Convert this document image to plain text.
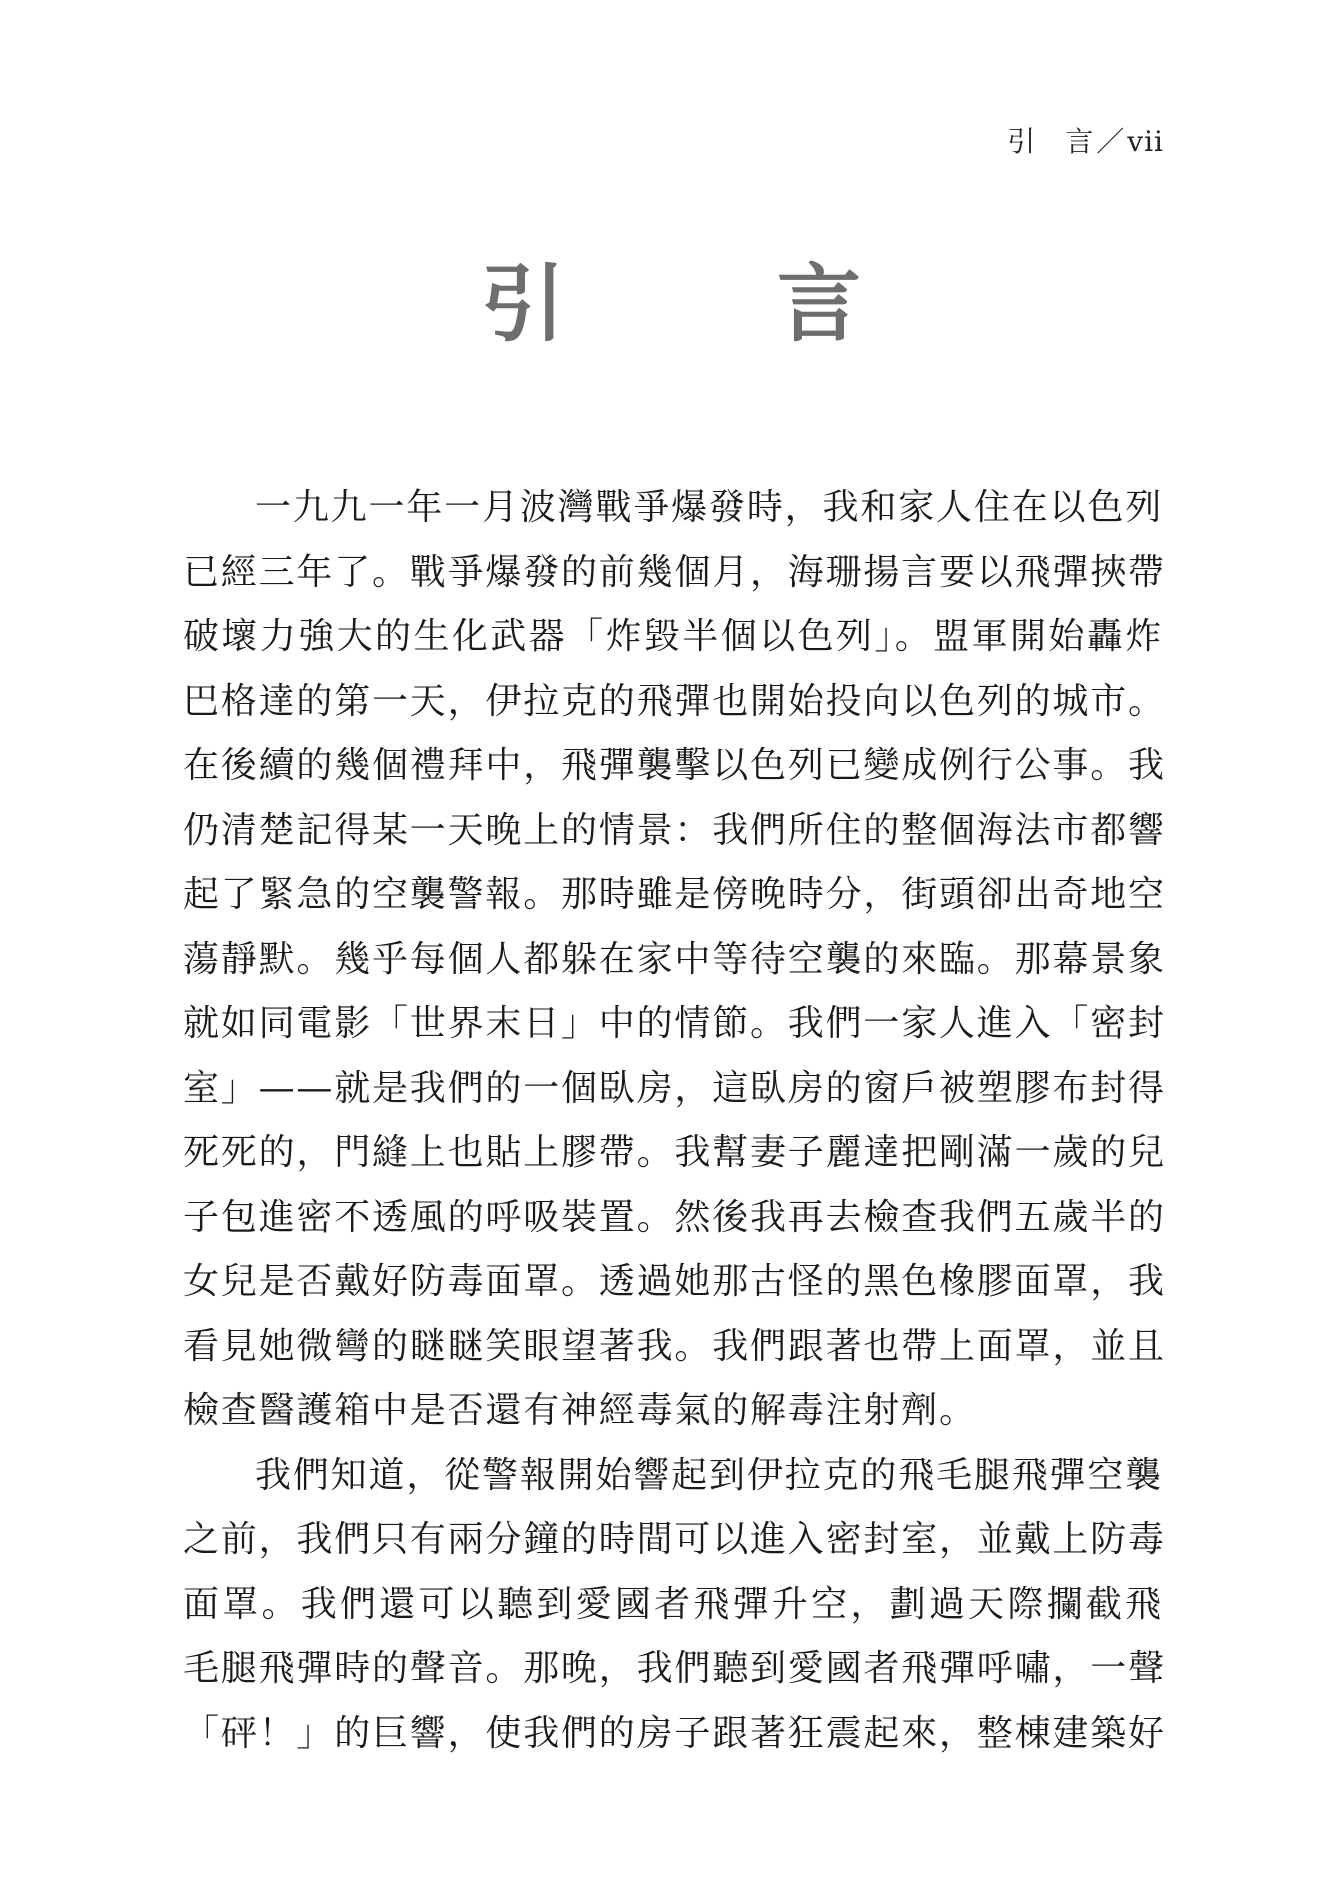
引　言／vii
引　言

一九九一年一月波灣戰爭爆發時，我和家人住在以色列
已經三年了。戰爭爆發的前幾個月，海珊揚言要以飛彈挾帶
破壞力強大的生化武器「炸毀半個以色列」。盟軍開始轟炸
巴格達的第一天，伊拉克的飛彈也開始投向以色列的城市。
在後續的幾個禮拜中，飛彈襲擊以色列已變成例行公事。我
仍清楚記得某一天晚上的情景：我們所住的整個海法市都響
起了緊急的空襲警報。那時雖是傍晚時分，街頭卻出奇地空
蕩靜默。幾乎每個人都躲在家中等待空襲的來臨。那幕景象
就如同電影「世界末日」中的情節。我們一家人進入「密封
室」——就是我們的一個臥房，這臥房的窗戶被塑膠布封得
死死的，門縫上也貼上膠帶。我幫妻子麗達把剛滿一歲的兒
子包進密不透風的呼吸裝置。然後我再去檢查我們五歲半的
女兒是否戴好防毒面罩。透過她那古怪的黑色橡膠面罩，我
看見她微彎的瞇瞇笑眼望著我。我們跟著也帶上面罩，並且
檢查醫護箱中是否還有神經毒氣的解毒注射劑。

我們知道，從警報開始響起到伊拉克的飛毛腿飛彈空襲
之前，我們只有兩分鐘的時間可以進入密封室，並戴上防毒
面罩。我們還可以聽到愛國者飛彈升空，劃過天際攔截飛
毛腿飛彈時的聲音。那晚，我們聽到愛國者飛彈呼嘯，一聲
「砰！」的巨響，使我們的房子跟著狂震起來，整棟建築好
